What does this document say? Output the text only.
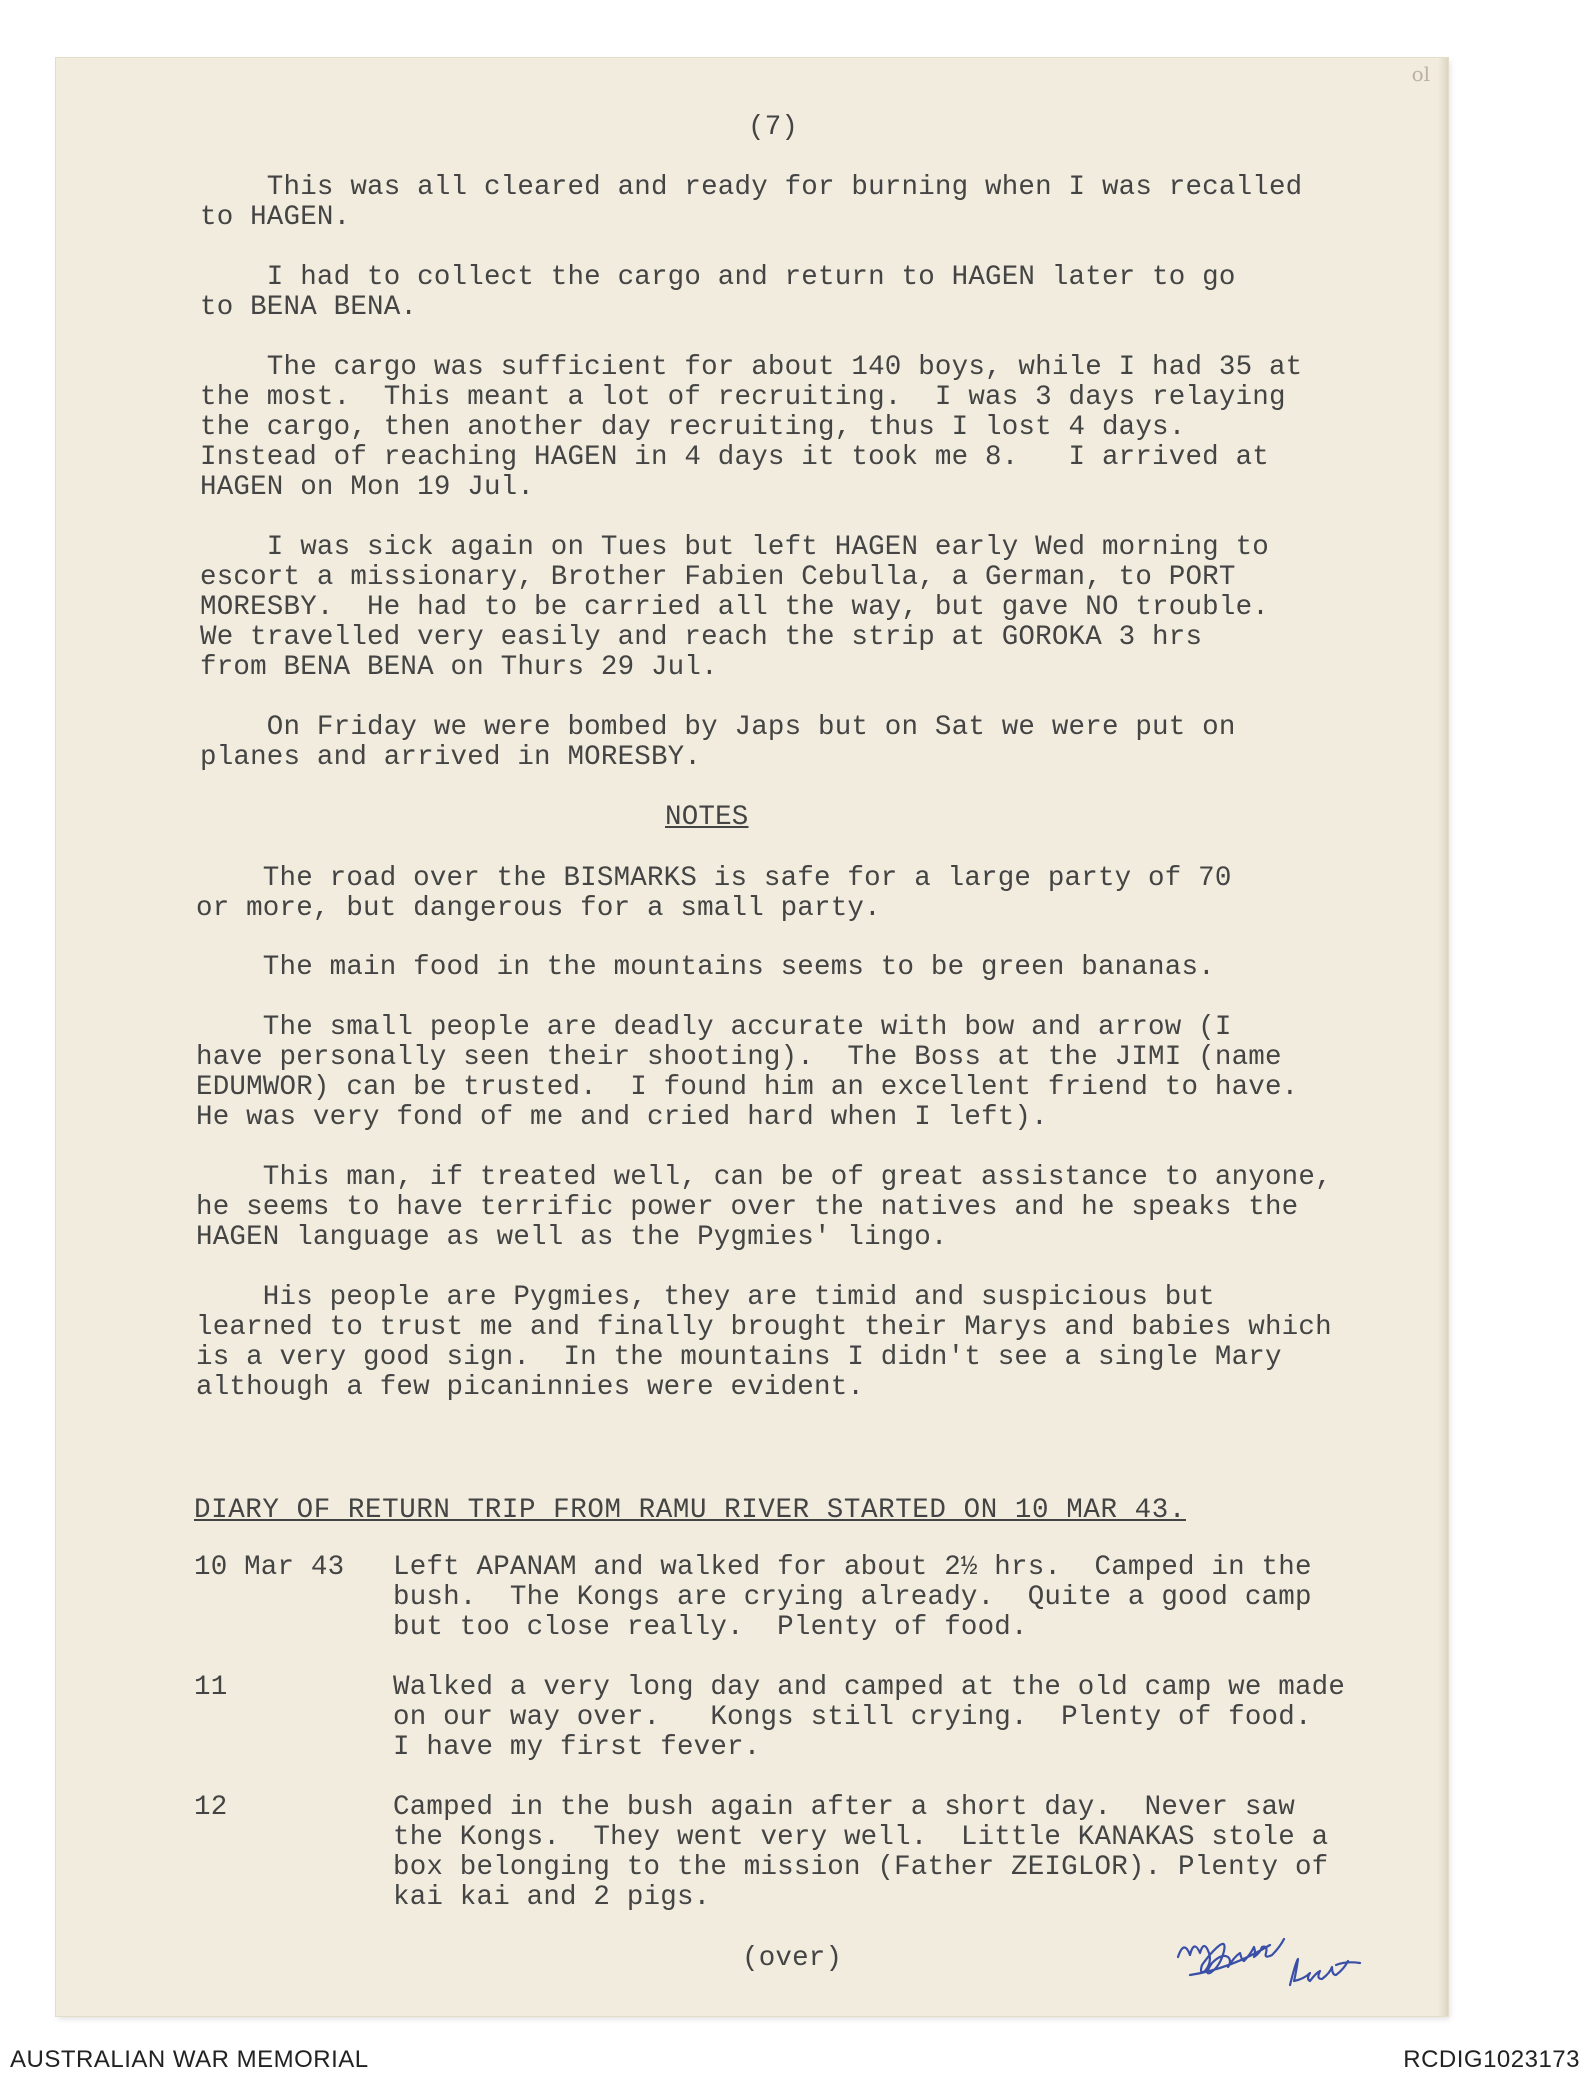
ol
(7)
This was all cleared and ready for burning when I was recalled
to HAGEN.
I had to collect the cargo and return to HAGEN later to go
to BENA BENA.
The cargo was sufficient for about 140 boys, while I had 35 at
the most.  This meant a lot of recruiting.  I was 3 days relaying
the cargo, then another day recruiting, thus I lost 4 days.
Instead of reaching HAGEN in 4 days it took me 8.   I arrived at
HAGEN on Mon 19 Jul.
I was sick again on Tues but left HAGEN early Wed morning to
escort a missionary, Brother Fabien Cebulla, a German, to PORT
MORESBY.  He had to be carried all the way, but gave NO trouble.
We travelled very easily and reach the strip at GOROKA 3 hrs
from BENA BENA on Thurs 29 Jul.
On Friday we were bombed by Japs but on Sat we were put on
planes and arrived in MORESBY.
NOTES
The road over the BISMARKS is safe for a large party of 70
or more, but dangerous for a small party.
The main food in the mountains seems to be green bananas.
The small people are deadly accurate with bow and arrow (I
have personally seen their shooting).  The Boss at the JIMI (name
EDUMWOR) can be trusted.  I found him an excellent friend to have.
He was very fond of me and cried hard when I left).
This man, if treated well, can be of great assistance to anyone,
he seems to have terrific power over the natives and he speaks the
HAGEN language as well as the Pygmies' lingo.
His people are Pygmies, they are timid and suspicious but
learned to trust me and finally brought their Marys and babies which
is a very good sign.  In the mountains I didn't see a single Mary
although a few picaninnies were evident.
DIARY OF RETURN TRIP FROM RAMU RIVER STARTED ON 10 MAR 43.
10 Mar 43 Left APANAM and walked for about 2½ hrs.  Camped in the
bush.  The Kongs are crying already.  Quite a good camp
but too close really.  Plenty of food.
11	Walked a very long day and camped at the old camp we made
on our way over.   Kongs still crying.  Plenty of food.
I have my first fever.
12	Camped in the bush again after a short day.  Never saw
the Kongs.  They went very well.  Little KANAKAS stole a
box belonging to the mission (Father ZEIGLOR). Plenty of
kai kai and 2 pigs.
(over)
AUSTRALIAN WAR MEMORIAL	RCDIG1023173
